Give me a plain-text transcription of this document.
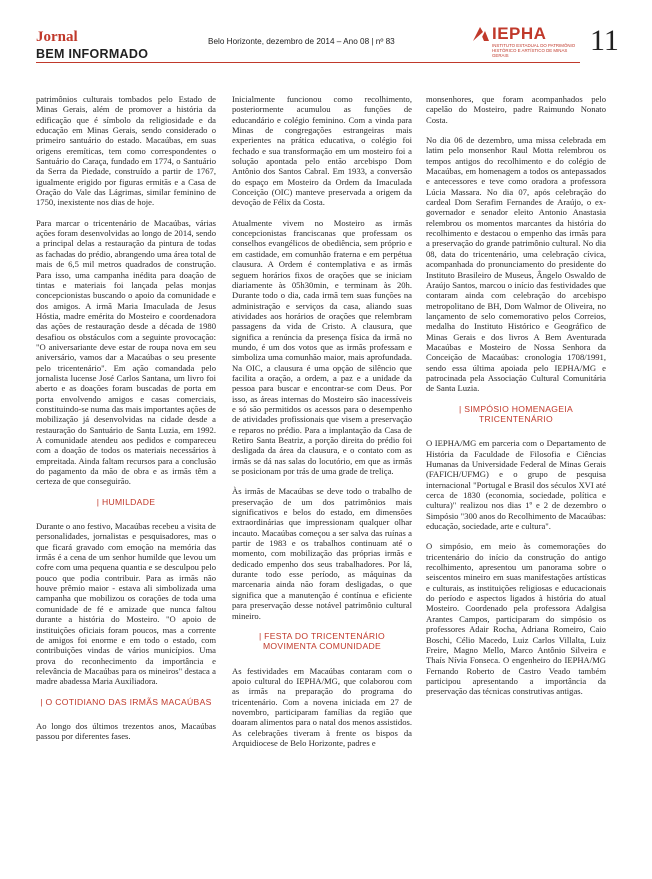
Jornal
BEM INFORMADO
Belo Horizonte, dezembro de 2014 – Ano 08 | nº 83	IEPHA
INSTITUTO ESTADUAL DO PATRIMÔNIO HISTÓRICO E ARTÍSTICO DE MINAS GERAIS	11

patrimônios culturais tombados pelo Estado de Minas Gerais, além de promover a história da edificação que é símbolo da religiosidade e da educação em Minas Gerais, sendo considerado o primeiro santuário do estado. Macaúbas, em suas origens eremíticas, tem como correspondentes o Santuário do Caraça, fundado em 1774, o Santuário da Serra da Piedade, construído a partir de 1767, igualmente erigido por figuras ermitãs e a Casa de Oração do Vale das Lágrimas, similar feminino de 1750, inexistente nos dias de hoje.

Para marcar o tricentenário de Macaúbas, várias ações foram desenvolvidas ao longo de 2014, sendo a principal delas a restauração da pintura de todas as fachadas do prédio, abrangendo uma área total de mais de 6,5 mil metros quadrados de construção. Para isso, uma campanha inédita para doação de tintas e materiais foi lançada pelas monjas concepcionistas buscando o apoio da comunidade e dos amigos. A irmã Maria Imaculada de Jesus Hóstia, madre emérita do Mosteiro e coordenadora das ações de restauração desde a década de 1980 desafiou os obstáculos com a seguinte provocação: "O aniversariante deve estar de roupa nova em seu aniversário, vamos dar a Macaúbas o seu presente pelo tricentenário". Em ação comandada pelo jornalista lucense José Carlos Santana, um livro foi aberto e as doações foram buscadas de porta em porta envolvendo amigos e casas comerciais, constituindo-se numa das mais importantes ações de mobilização já desenvolvidas na cidade desde a restauração do Santuário de Santa Luzia, em 1992. A comunidade atendeu aos pedidos e compareceu com a doação de todos os materiais necessários à empreitada. Ainda faltam recursos para a conclusão do pagamento da mão de obra e as irmãs têm a certeza de que conseguirão.

| HUMILDADE

Durante o ano festivo, Macaúbas recebeu a visita de personalidades, jornalistas e pesquisadores, mas o que ficará gravado com emoção na memória das irmãs é a cena de um senhor humilde que levou um cofre com uma pequena quantia e se desculpou pelo pouco que podia contribuir. Para as irmãs não houve prêmio maior - estava ali simbolizada uma campanha que mobilizou os corações de toda uma comunidade de fé e amizade que nunca faltou durante a história do Mosteiro. "O apoio de instituições oficiais foram poucos, mas a corrente de amigos foi enorme e em todo o estado, com contribuições vindas de vários municípios. Uma prova do reconhecimento da importância e relevância de Macaúbas para os mineiros" destaca a madre abadessa Maria Auxiliadora.

| O COTIDIANO DAS IRMÃS MACAÚBAS

Ao longo dos últimos trezentos anos, Macaúbas passou por diferentes fases.

Inicialmente funcionou como recolhimento, posteriormente acumulou as funções de educandário e colégio feminino. Com a vinda para Minas de congregações estrangeiras mais experientes na prática educativa, o colégio foi fechado e sua transformação em um mosteiro foi a solução apontada pelo então arcebispo Dom Antônio dos Santos Cabral. Em 1933, a conversão do espaço em Mosteiro da Ordem da Imaculada Conceição (OIC) manteve preservada a origem da devoção de Félix da Costa.

Atualmente vivem no Mosteiro as irmãs concepcionistas franciscanas que professam os conselhos evangélicos de obediência, sem próprio e em castidade, em comunhão fraterna e em perpétua clausura. A Ordem é contemplativa e as irmãs seguem horários fixos de orações que se iniciam diariamente às 05h30min, e terminam às 20h. Durante todo o dia, cada irmã tem suas funções na administração e serviços da casa, aliando suas atividades aos horários de orações que relembram passagens da vida de Cristo. A clausura, que significa a renúncia da presença física da irmã no mundo, é um dos votos que as irmãs professam e simboliza uma comunhão maior, mais aprofundada. Na OIC, a clausura é uma opção de silêncio que facilita a oração, a ordem, a paz e a unidade da pessoa para buscar e encontrar-se com Deus. Por isso, as áreas internas do Mosteiro são inacessíveis e só são permitidos os acessos para o desempenho de atividades profissionais que visem a preservação e reparos no prédio. Para a implantação da Casa de Retiro Santa Beatriz, a porção direita do prédio foi desligada da área da clausura, e o contato com as irmãs se dá nas salas do locutório, em que as irmãs se posicionam por trás de uma grade de treliça.

Às irmãs de Macaúbas se deve todo o trabalho de preservação de um dos patrimônios mais significativos e belos do estado, em dimensões extraordinárias que impressionam qualquer olhar incauto. Macaúbas começou a ser salva das ruínas a partir de 1983 e os trabalhos continuam até o momento, com mobilização das próprias irmãs e dedicado empenho dos seus trabalhadores. Por lá, durante todo esse período, as máquinas da marcenaria ainda não foram desligadas, o que significa que a manutenção é contínua e eficiente para preservação desse notável patrimônio cultural mineiro.

| FESTA DO TRICENTENÁRIO MOVIMENTA COMUNIDADE

As festividades em Macaúbas contaram com o apoio cultural do IEPHA/MG, que colaborou com as irmãs na preparação do programa do tricentenário. Com a novena iniciada em 27 de novembro, participaram famílias da região que doaram alimentos para o natal dos menos assistidos. As celebrações tiveram à frente os bispos da Arquidiocese de Belo Horizonte, padres e

monsenhores, que foram acompanhados pelo capelão do Mosteiro, padre Raimundo Nonato Costa.

No dia 06 de dezembro, uma missa celebrada em latim pelo monsenhor Raul Motta relembrou os tempos antigos do recolhimento e do colégio de Macaúbas, em homenagem a todos os antepassados e antecessores e teve como oradora a professora Lúcia Massara. No dia 07, após celebração do cardeal Dom Serafim Fernandes de Araújo, o ex-governador e senador eleito Antonio Anastasia relembrou os momentos marcantes da história do recolhimento e destacou o empenho das irmãs para a preservação do grande patrimônio cultural. No dia 08, data do tricentenário, uma celebração cívica, acompanhada do pronunciamento do presidente do Instituto Brasileiro de Museus, Ângelo Oswaldo de Araújo Santos, marcou o início das festividades que contaram ainda com celebração do arcebispo metropolitano de BH, Dom Walmor de Oliveira, no lançamento de selo comemorativo pelos Correios, medalha do Instituto Histórico e Geográfico de Minas Gerais e dos livros A Bem Aventurada Macaúbas e Mosteiro de Nossa Senhora da Conceição de Macaúbas: cronologia 1708/1991, sendo essa última apoiada pelo IEPHA/MG e patrocinada pela Associação Cultural Comunitária de Santa Luzia.

| SIMPÓSIO HOMENAGEIA TRICENTENÁRIO

O IEPHA/MG em parceria com o Departamento de História da Faculdade de Filosofia e Ciências Humanas da Universidade Federal de Minas Gerais (FAFICH/UFMG) e o grupo de pesquisa internacional "Portugal e Brasil dos séculos XVI até cerca de 1830 (economia, sociedade, política e cultura)" realizou nos dias 1º e 2 de dezembro o Simpósio "300 anos do Recolhimento de Macaúbas: educação, sociedade, arte e cultura".

O simpósio, em meio às comemorações do tricentenário do início da construção do antigo recolhimento, apresentou um panorama sobre o seiscentos mineiro em suas manifestações artísticas e culturais, as instituições religiosas e educacionais do período e aspectos ligados à história do atual Mosteiro. Coordenado pela professora Adalgisa Arantes Campos, participaram do simpósio os professores Adair Rocha, Adriana Romeiro, Caio Boschi, Célio Macedo, Luiz Carlos Villalta, Luiz Freire, Magno Mello, Marco Antônio Silveira e Thaís Nívia Fonseca. O engenheiro do IEPHA/MG Fernando Roberto de Castro Veado também participou apresentando a importância da preservação das técnicas construtivas antigas.
